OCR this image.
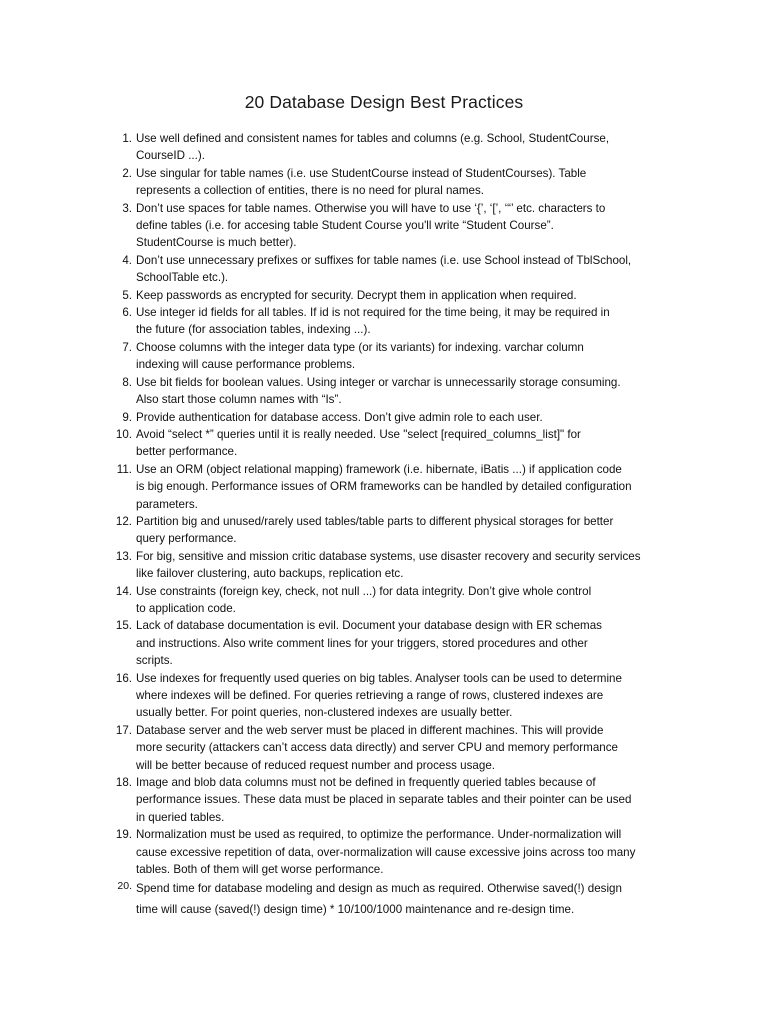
20 Database Design Best Practices
1. Use well defined and consistent names for tables and columns (e.g. School, StudentCourse,
CourseID ...).
2. Use singular for table names (i.e. use StudentCourse instead of StudentCourses). Table
represents a collection of entities, there is no need for plural names.
3. Don’t use spaces for table names. Otherwise you will have to use ‘{’, ‘[’, ‘“’ etc. characters to
define tables (i.e. for accesing table Student Course you'll write “Student Course”.
StudentCourse is much better).
4. Don’t use unnecessary prefixes or suffixes for table names (i.e. use School instead of TblSchool,
SchoolTable etc.).
5. Keep passwords as encrypted for security. Decrypt them in application when required.
6. Use integer id fields for all tables. If id is not required for the time being, it may be required in
the future (for association tables, indexing ...).
7. Choose columns with the integer data type (or its variants) for indexing. varchar column
indexing will cause performance problems.
8. Use bit fields for boolean values. Using integer or varchar is unnecessarily storage consuming.
Also start those column names with “Is”.
9. Provide authentication for database access. Don’t give admin role to each user.
10. Avoid “select *” queries until it is really needed. Use "select [required_columns_list]" for
better performance.
11. Use an ORM (object relational mapping) framework (i.e. hibernate, iBatis ...) if application code
is big enough. Performance issues of ORM frameworks can be handled by detailed configuration
parameters.
12. Partition big and unused/rarely used tables/table parts to different physical storages for better
query performance.
13. For big, sensitive and mission critic database systems, use disaster recovery and security services
like failover clustering, auto backups, replication etc.
14. Use constraints (foreign key, check, not null ...) for data integrity. Don’t give whole control
to application code.
15. Lack of database documentation is evil. Document your database design with ER schemas
and instructions. Also write comment lines for your triggers, stored procedures and other
scripts.
16. Use indexes for frequently used queries on big tables. Analyser tools can be used to determine
where indexes will be defined. For queries retrieving a range of rows, clustered indexes are
usually better. For point queries, non-clustered indexes are usually better.
17. Database server and the web server must be placed in different machines. This will provide
more security (attackers can’t access data directly) and server CPU and memory performance
will be better because of reduced request number and process usage.
18. Image and blob data columns must not be defined in frequently queried tables because of
performance issues. These data must be placed in separate tables and their pointer can be used
in queried tables.
19. Normalization must be used as required, to optimize the performance. Under-normalization will
cause excessive repetition of data, over-normalization will cause excessive joins across too many
tables. Both of them will get worse performance.
20. Spend time for database modeling and design as much as required. Otherwise saved(!) design
time will cause (saved(!) design time) * 10/100/1000 maintenance and re-design time.
